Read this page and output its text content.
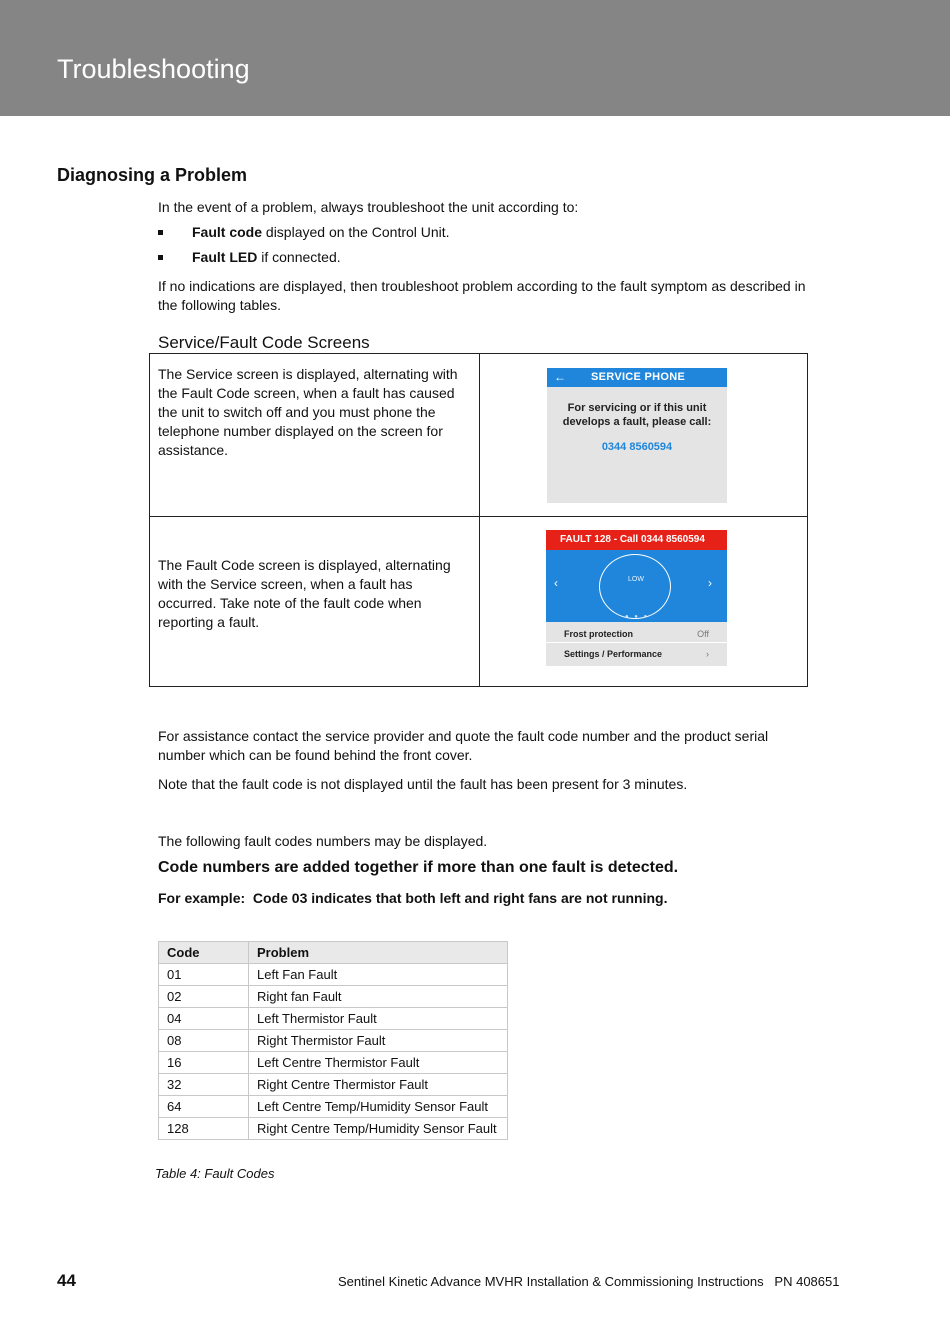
Troubleshooting
Diagnosing a Problem
In the event of a problem, always troubleshoot the unit according to:
Fault code displayed on the Control Unit.
Fault LED if connected.
If no indications are displayed, then troubleshoot problem according to the fault symptom as described in
the following tables.
Service/Fault Code Screens
The Service screen is displayed, alternating with
the Fault Code screen, when a fault has caused
the unit to switch off and you must phone the
telephone number displayed on the screen for
assistance.
← SERVICE PHONE
For servicing or if this unit
develops a fault, please call:
0344 8560594
The Fault Code screen is displayed, alternating
with the Service screen, when a fault has
occurred. Take note of the fault code when
reporting a fault.
FAULT 128 - Call 0344 8560594
‹	LOW	›
● ● ●
Frost protection	Off
Settings / Performance	›
For assistance contact the service provider and quote the fault code number and the product serial
number which can be found behind the front cover.
Note that the fault code is not displayed until the fault has been present for 3 minutes.
The following fault codes numbers may be displayed.
Code numbers are added together if more than one fault is detected.
For example:  Code 03 indicates that both left and right fans are not running.
Code	Problem
01	Left Fan Fault
02	Right fan Fault
04	Left Thermistor Fault
08	Right Thermistor Fault
16	Left Centre Thermistor Fault
32	Right Centre Thermistor Fault
64	Left Centre Temp/Humidity Sensor Fault
128	Right Centre Temp/Humidity Sensor Fault
Table 4: Fault Codes
44	Sentinel Kinetic Advance MVHR Installation & Commissioning Instructions   PN 408651
